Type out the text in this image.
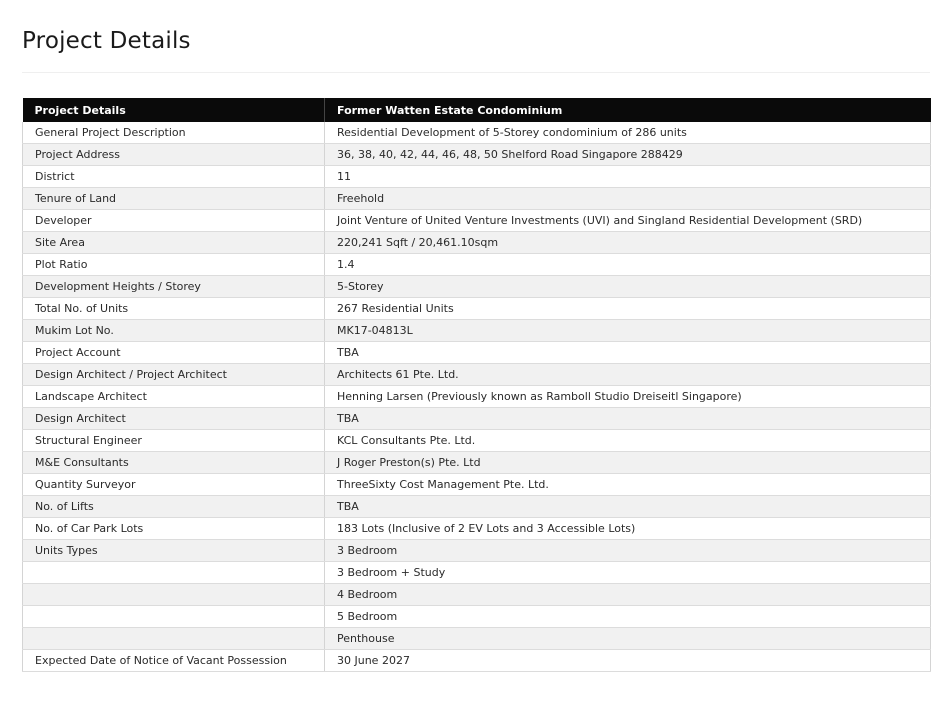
Project Details
Project Details	Former Watten Estate Condominium
General Project Description	Residential Development of 5-Storey condominium of 286 units
Project Address	36, 38, 40, 42, 44, 46, 48, 50 Shelford Road Singapore 288429
District	11
Tenure of Land	Freehold
Developer	Joint Venture of United Venture Investments (UVI) and Singland Residential Development (SRD)
Site Area	220,241 Sqft / 20,461.10sqm
Plot Ratio	1.4
Development Heights / Storey	5-Storey
Total No. of Units	267 Residential Units
Mukim Lot No.	MK17-04813L
Project Account	TBA
Design Architect / Project Architect	Architects 61 Pte. Ltd.
Landscape Architect	Henning Larsen (Previously known as Ramboll Studio Dreiseitl Singapore)
Design Architect	TBA
Structural Engineer	KCL Consultants Pte. Ltd.
M&E Consultants	J Roger Preston(s) Pte. Ltd
Quantity Surveyor	ThreeSixty Cost Management Pte. Ltd.
No. of Lifts	TBA
No. of Car Park Lots	183 Lots (Inclusive of 2 EV Lots and 3 Accessible Lots)
Units Types	3 Bedroom
	3 Bedroom + Study
	4 Bedroom
	5 Bedroom
	Penthouse
Expected Date of Notice of Vacant Possession	30 June 2027
